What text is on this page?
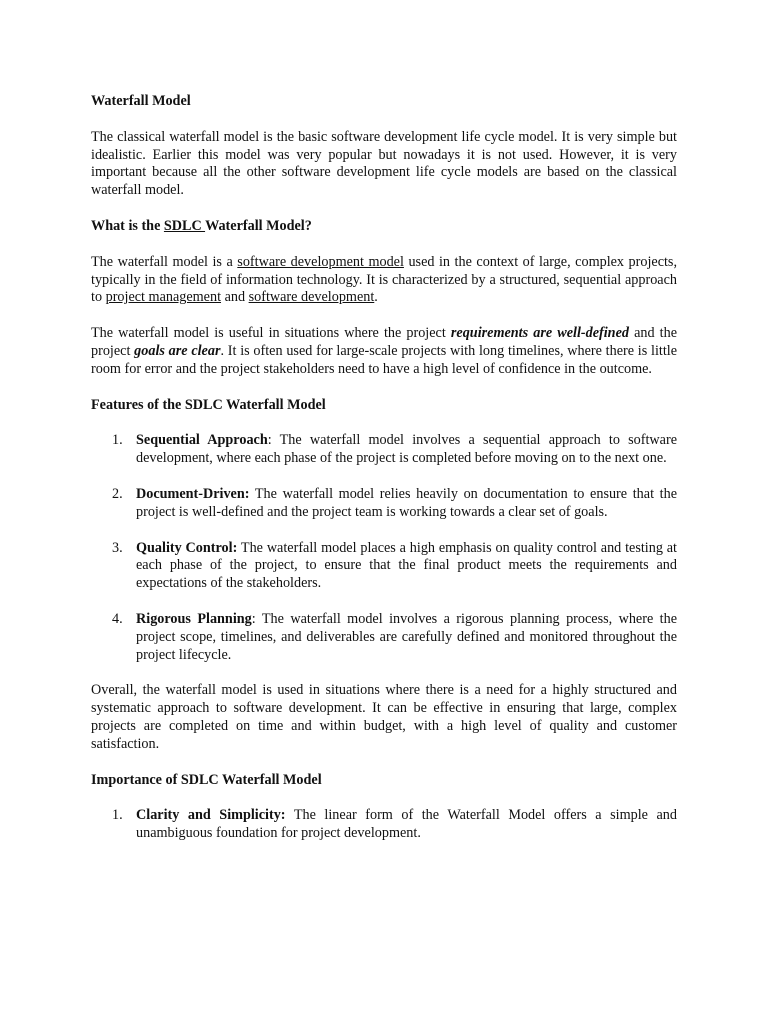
Waterfall Model

The classical waterfall model is the basic software development life cycle model. It is very simple but idealistic. Earlier this model was very popular but nowadays it is not used. However, it is very important because all the other software development life cycle models are based on the classical waterfall model.

What is the SDLC Waterfall Model?

The waterfall model is a software development model used in the context of large, complex projects, typically in the field of information technology. It is characterized by a structured, sequential approach to project management and software development.

The waterfall model is useful in situations where the project requirements are well-defined and the project goals are clear. It is often used for large-scale projects with long timelines, where there is little room for error and the project stakeholders need to have a high level of confidence in the outcome.

Features of the SDLC Waterfall Model
1. Sequential Approach: The waterfall model involves a sequential approach to software development, where each phase of the project is completed before moving on to the next one.
2. Document-Driven: The waterfall model relies heavily on documentation to ensure that the project is well-defined and the project team is working towards a clear set of goals.
3. Quality Control: The waterfall model places a high emphasis on quality control and testing at each phase of the project, to ensure that the final product meets the requirements and expectations of the stakeholders.
4. Rigorous Planning: The waterfall model involves a rigorous planning process, where the project scope, timelines, and deliverables are carefully defined and monitored throughout the project lifecycle.

Overall, the waterfall model is used in situations where there is a need for a highly structured and systematic approach to software development. It can be effective in ensuring that large, complex projects are completed on time and within budget, with a high level of quality and customer satisfaction.

Importance of SDLC Waterfall Model
1. Clarity and Simplicity: The linear form of the Waterfall Model offers a simple and unambiguous foundation for project development.
